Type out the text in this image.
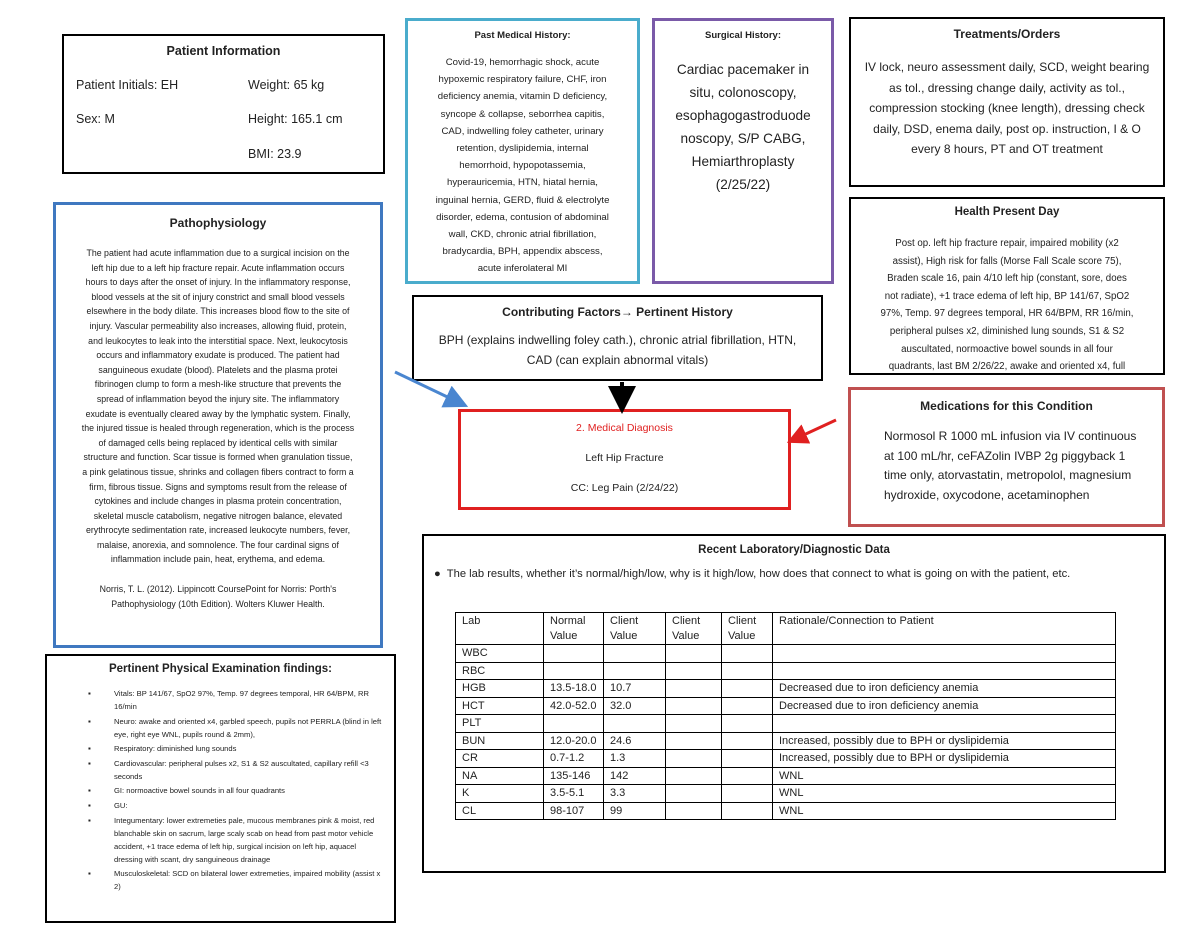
Patient Information
Patient Initials: EH	Weight: 65 kg
Sex: M	Height: 165.1 cm
BMI: 23.9
Past Medical History:
Covid-19, hemorrhagic shock, acute
hypoxemic respiratory failure, CHF, iron
deficiency anemia, vitamin D deficiency,
syncope & collapse, seborrhea capitis,
CAD, indwelling foley catheter, urinary
retention, dyslipidemia, internal
hemorrhoid, hypopotassemia,
hyperauricemia, HTN, hiatal hernia,
inguinal hernia, GERD, fluid & electrolyte
disorder, edema, contusion of abdominal
wall, CKD, chronic atrial fibrillation,
bradycardia, BPH, appendix abscess,
acute inferolateral MI
Surgical History:
Cardiac pacemaker in
situ, colonoscopy,
esophagogastroduode
noscopy, S/P CABG,
Hemiarthroplasty
(2/25/22)
Treatments/Orders
IV lock, neuro assessment daily, SCD, weight bearing
as tol., dressing change daily, activity as tol.,
compression stocking (knee length), dressing check
daily, DSD, enema daily, post op. instruction, I & O
every 8 hours, PT and OT treatment
Health Present Day
Post op. left hip fracture repair, impaired mobility (x2
assist), High risk for falls (Morse Fall Scale score 75),
Braden scale 16, pain 4/10 left hip (constant, sore, does
not radiate), +1 trace edema of left hip, BP 141/67, SpO2
97%, Temp. 97 degrees temporal, HR 64/BPM, RR 16/min,
peripheral pulses x2, diminished lung sounds, S1 & S2
auscultated, normoactive bowel sounds in all four
quadrants, last BM 2/26/22, awake and oriented x4, full
Pathophysiology
The patient had acute inflammation due to a surgical incision on the
left hip due to a left hip fracture repair. Acute inflammation occurs
hours to days after the onset of injury. In the inflammatory response,
blood vessels at the sit of injury constrict and small blood vessels
elsewhere in the body dilate. This increases blood flow to the site of
injury. Vascular permeability also increases, allowing fluid, protein,
and leukocytes to leak into the interstitial space. Next, leukocytosis
occurs and inflammatory exudate is produced. The patient had
sanguineous exudate (blood). Platelets and the plasma protei
fibrinogen clump to form a mesh-like structure that prevents the
spread of inflammation beyod the injury site. The inflammatory
exudate is eventually cleared away by the lymphatic system. Finally,
the injured tissue is healed through regeneration, which is the process
of damaged cells being replaced by identical cells with similar
structure and function. Scar tissue is formed when granulation tissue,
a pink gelatinous tissue, shrinks and collagen fibers contract to form a
firm, fibrous tissue. Signs and symptoms result from the release of
cytokines and include changes in plasma protein concentration,
skeletal muscle catabolism, negative nitrogen balance, elevated
erythrocyte sedimentation rate, increased leukocyte numbers, fever,
malaise, anorexia, and somnolence. The four cardinal signs of
inflammation include pain, heat, erythema, and edema.
Norris, T. L. (2012). Lippincott CoursePoint for Norris: Porth's
Pathophysiology (10th Edition). Wolters Kluwer Health.
Contributing Factors→ Pertinent History
BPH (explains indwelling foley cath.), chronic atrial fibrillation, HTN,
CAD (can explain abnormal vitals)
2. Medical Diagnosis
Left Hip Fracture
CC: Leg Pain (2/24/22)
Medications for this Condition
Normosol R 1000 mL infusion via IV continuous
at 100 mL/hr, ceFAZolin IVBP 2g piggyback 1
time only, atorvastatin, metropolol, magnesium
hydroxide, oxycodone, acetaminophen
Pertinent Physical Examination findings:
▪ Vitals: BP 141/67, SpO2 97%, Temp. 97 degrees temporal, HR 64/BPM, RR 16/min
▪ Neuro: awake and oriented x4, garbled speech, pupils not PERRLA (blind in left eye, right eye WNL, pupils round & 2mm),
▪ Respiratory: diminished lung sounds
▪ Cardiovascular: peripheral pulses x2, S1 & S2 auscultated, capillary refill <3 seconds
▪ GI: normoactive bowel sounds in all four quadrants
▪ GU:
▪ Integumentary: lower extremeties pale, mucous membranes pink & moist, red blanchable skin on sacrum, large scaly scab on head from past motor vehicle accident, +1 trace edema of left hip, surgical incision on left hip, aquacel dressing with scant, dry sanguineous drainage
▪ Musculoskeletal: SCD on bilateral lower extremeties, impaired mobility (assist x 2)
Recent Laboratory/Diagnostic Data
● The lab results, whether it’s normal/high/low, why is it high/low, how does that connect to what is going on with the patient, etc.
Lab	Normal Value	Client Value	Client Value	Client Value	Rationale/Connection to Patient
WBC					
RBC					
HGB	13.5-18.0	10.7			Decreased due to iron deficiency anemia
HCT	42.0-52.0	32.0			Decreased due to iron deficiency anemia
PLT					
BUN	12.0-20.0	24.6			Increased, possibly due to BPH or dyslipidemia
CR	0.7-1.2	1.3			Increased, possibly due to BPH or dyslipidemia
NA	135-146	142			WNL
K	3.5-5.1	3.3			WNL
CL	98-107	99			WNL
